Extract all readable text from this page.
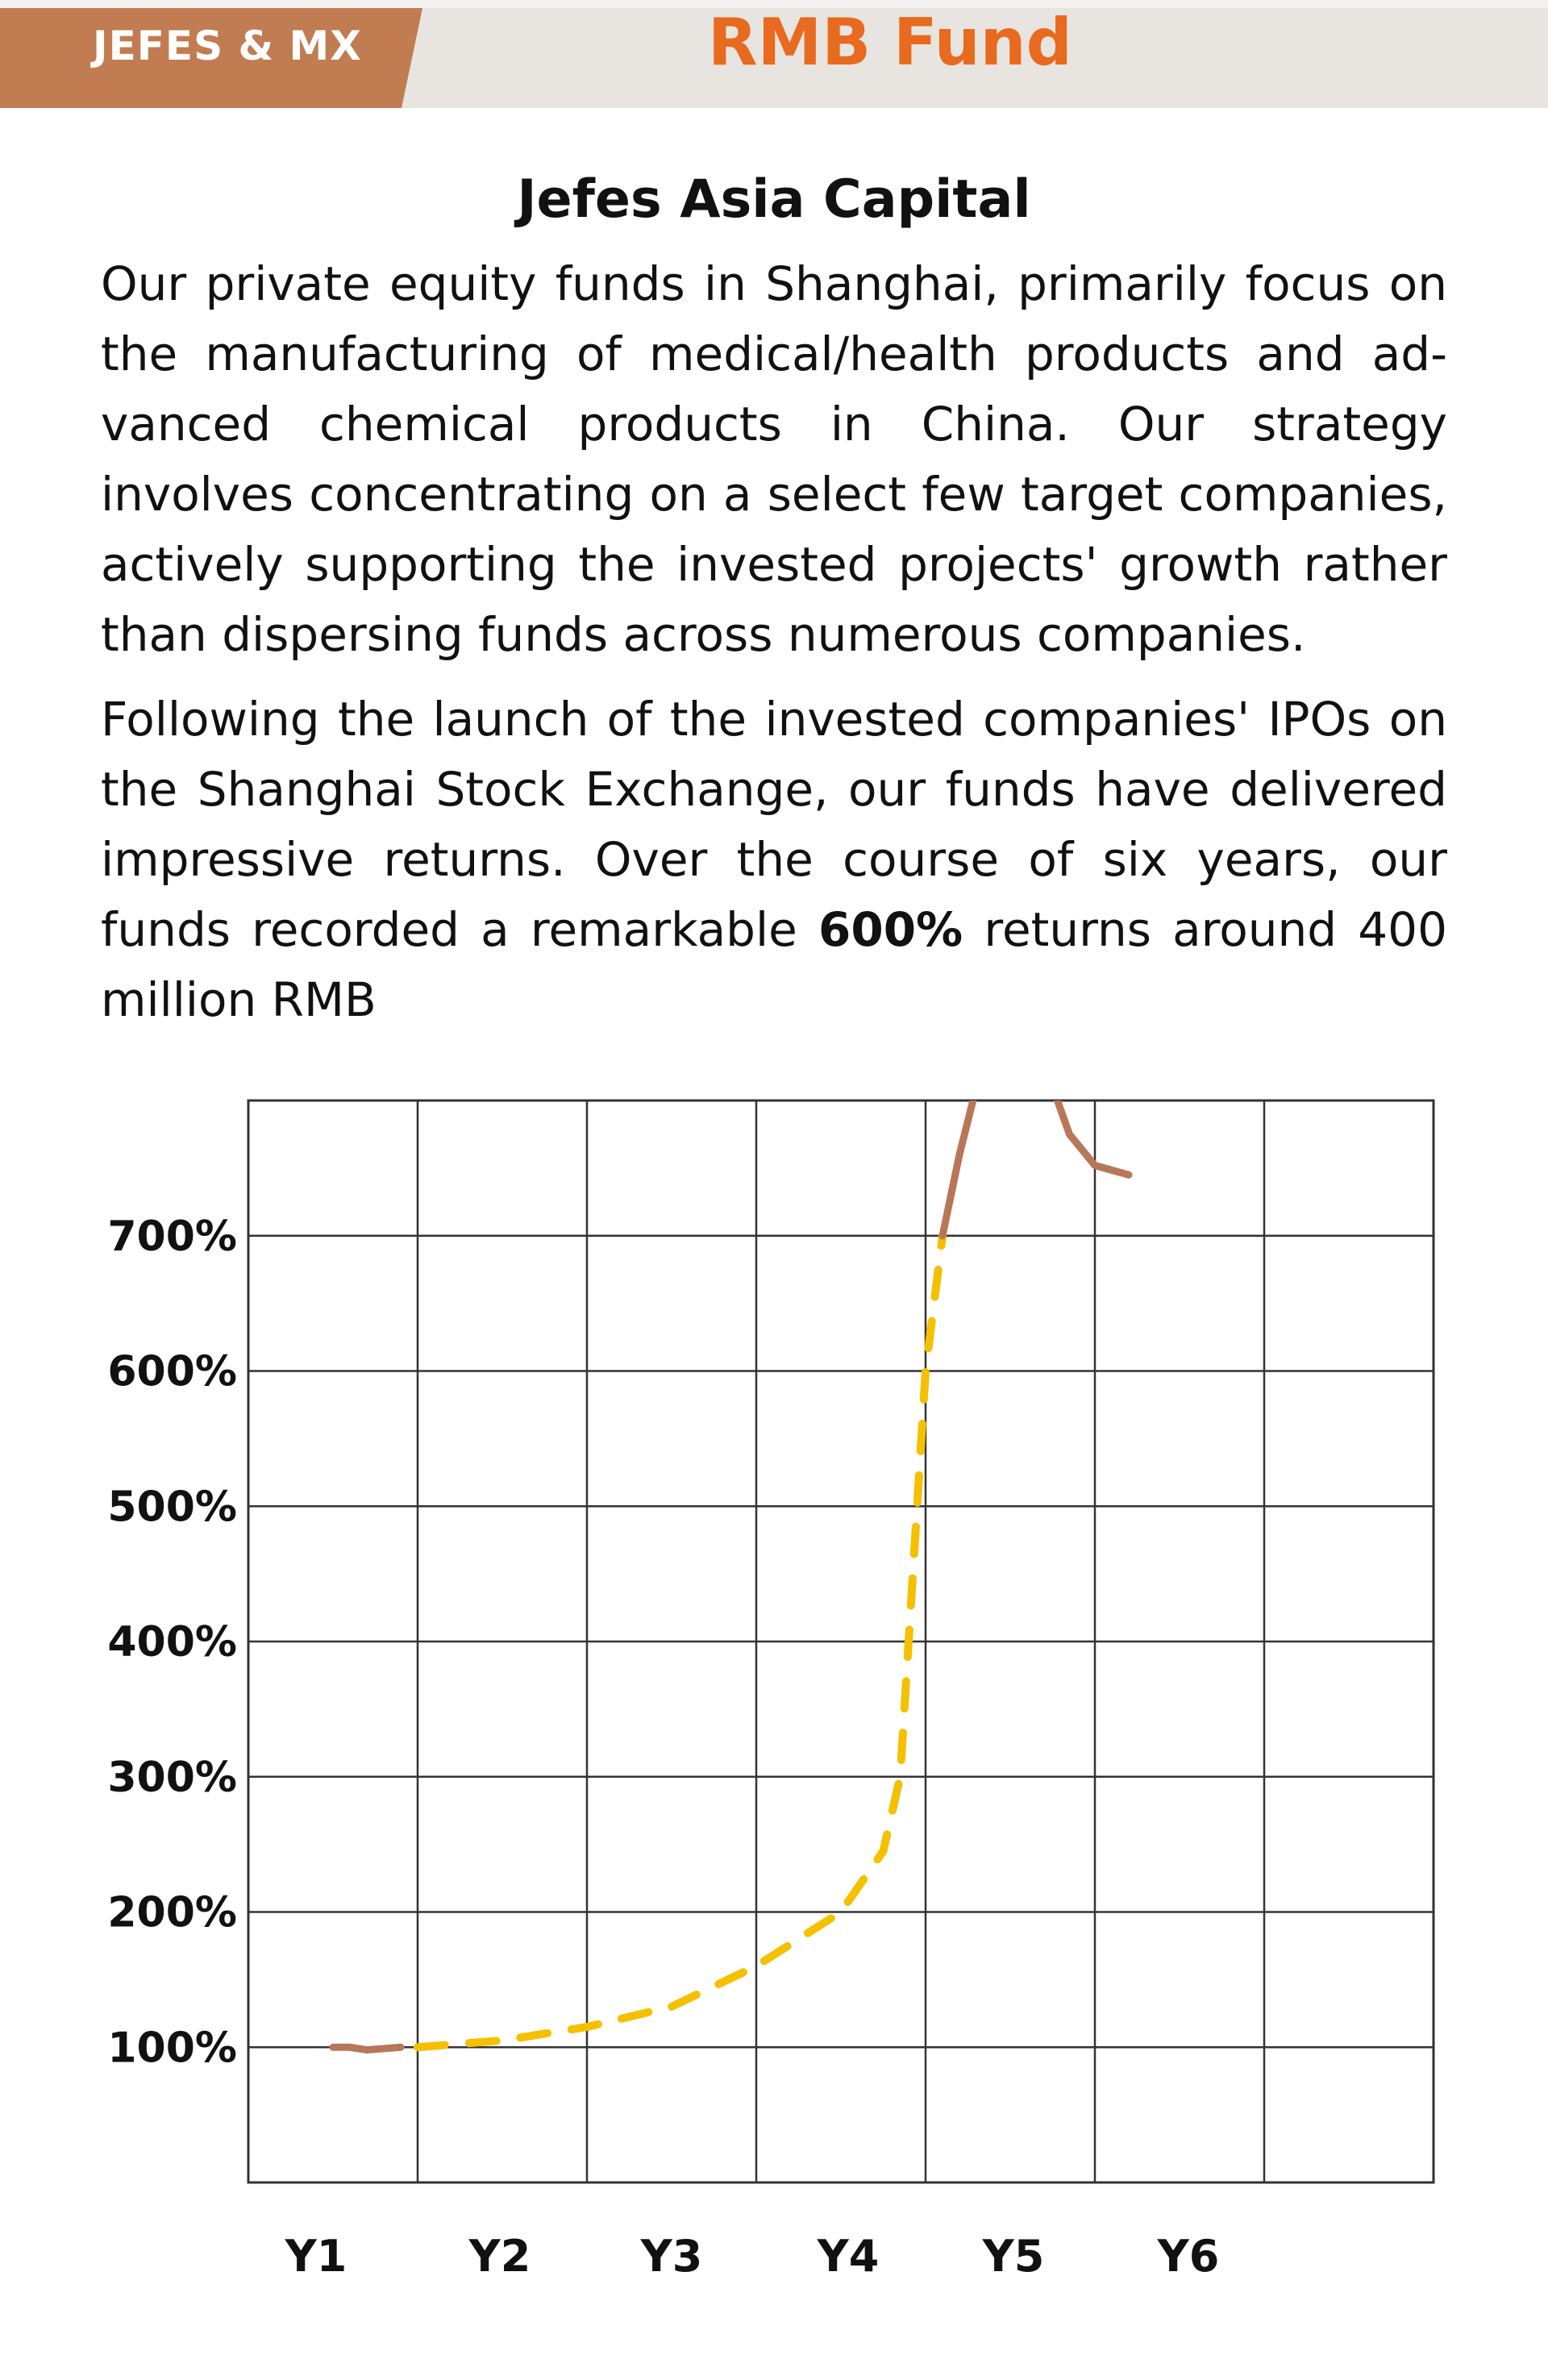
JEFES & MX	RMB Fund
Jefes Asia Capital

Our private equity funds in Shanghai, primarily focus on the manufacturing of medical/health products and advanced chemical products in China. Our strategy involves concentrating on a select few target companies, actively supporting the invested projects' growth rather than dispersing funds across numerous companies.

Following the launch of the invested companies' IPOs on the Shanghai Stock Exchange, our funds have delivered impressive returns. Over the course of six years, our funds recorded a remarkable 600% returns around 400 million RMB

100%
200%
300%
400%
500%
600%
700%
Y1	Y2	Y3	Y4 Y5	Y6
